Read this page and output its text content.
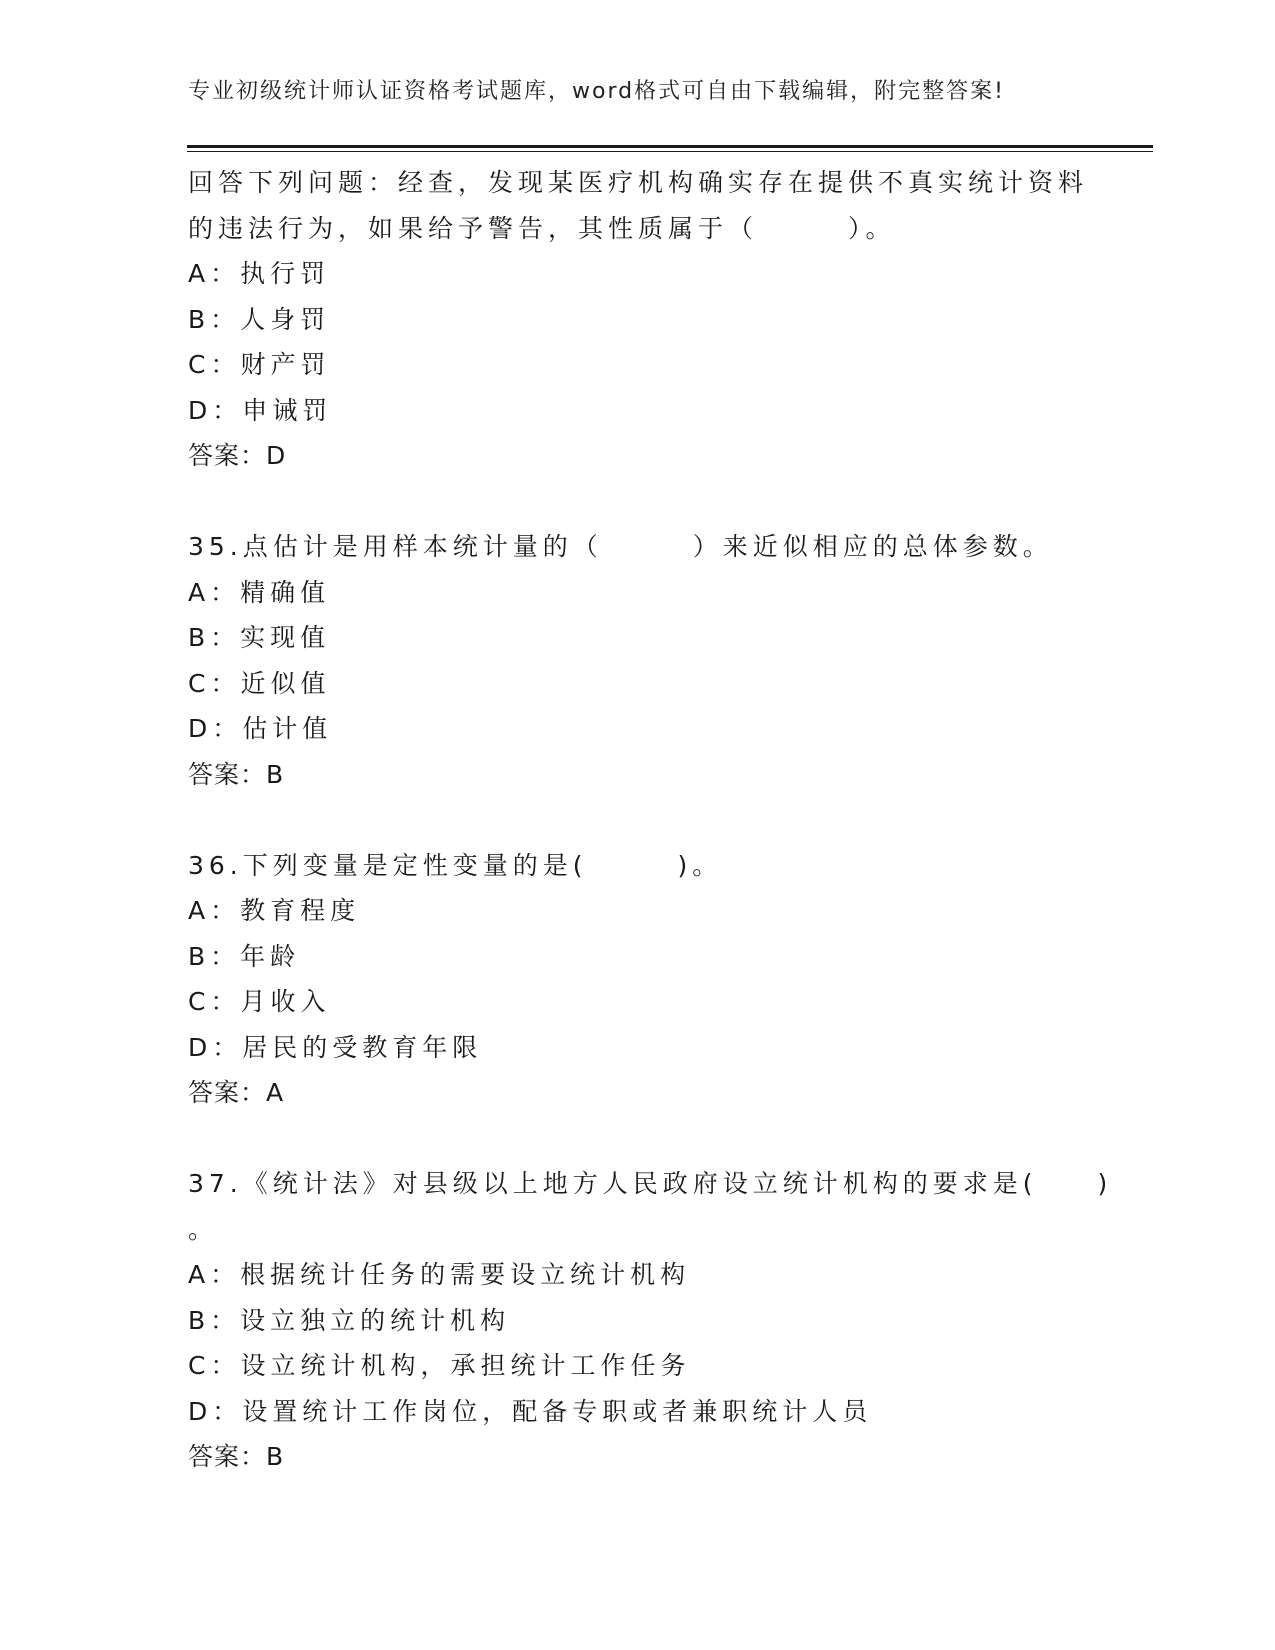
专业初级统计师认证资格考试题库，word格式可自由下载编辑，附完整答案!
回答下列问题：经查，发现某医疗机构确实存在提供不真实统计资料
的违法行为，如果给予警告，其性质属于（　　　）。
A：执行罚
B：人身罚
C：财产罚
D：申诫罚
答案：D
35.点估计是用样本统计量的（　　　）来近似相应的总体参数。
A：精确值
B：实现值
C：近似值
D：估计值
答案：B
36.下列变量是定性变量的是(　　　)。
A：教育程度
B：年龄
C：月收入
D：居民的受教育年限
答案：A
37.《统计法》对县级以上地方人民政府设立统计机构的要求是(　　)
。
A：根据统计任务的需要设立统计机构
B：设立独立的统计机构
C：设立统计机构，承担统计工作任务
D：设置统计工作岗位，配备专职或者兼职统计人员
答案：B
